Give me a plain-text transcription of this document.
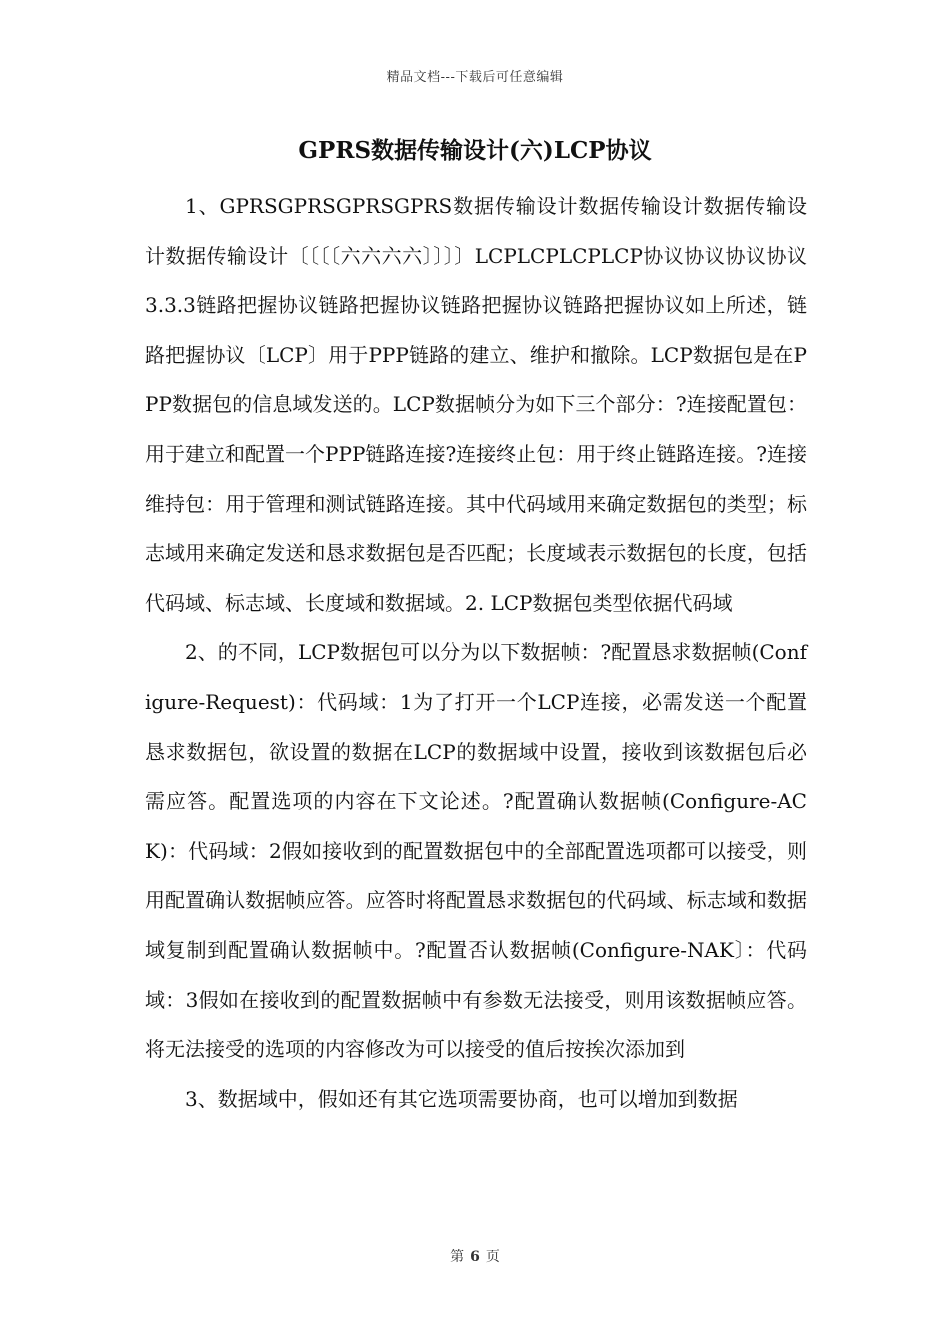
精品文档---下载后可任意编辑
GPRS数据传输设计(六)LCP协议

1、GPRSGPRSGPRSGPRS数据传输设计数据传输设计数据传输设计数据传输设计〔〔〔〔六六六六〕〕〕〕LCPLCPLCPLCP协议协议协议协议3.3.3链路把握协议链路把握协议链路把握协议链路把握协议如上所述，链路把握协议〔LCP〕用于PPP链路的建立、维护和撤除。LCP数据包是在PPP数据包的信息域发送的。LCP数据帧分为如下三个部分：?连接配置包：用于建立和配置一个PPP链路连接?连接终止包：用于终止链路连接。?连接维持包：用于管理和测试链路连接。其中代码域用来确定数据包的类型；标志域用来确定发送和恳求数据包是否匹配；长度域表示数据包的长度，包括代码域、标志域、长度域和数据域。2. LCP数据包类型依据代码域

2、的不同，LCP数据包可以分为以下数据帧：?配置恳求数据帧(Configure-Request)：代码域：1为了打开一个LCP连接，必需发送一个配置恳求数据包，欲设置的数据在LCP的数据域中设置，接收到该数据包后必需应答。配置选项的内容在下文论述。?配置确认数据帧(Configure-ACK)：代码域：2假如接收到的配置数据包中的全部配置选项都可以接受，则用配置确认数据帧应答。应答时将配置恳求数据包的代码域、标志域和数据域复制到配置确认数据帧中。?配置否认数据帧(Configure-NAK〕：代码域：3假如在接收到的配置数据帧中有参数无法接受，则用该数据帧应答。将无法接受的选项的内容修改为可以接受的值后按挨次添加到

3、数据域中，假如还有其它选项需要协商，也可以增加到数据

第 6 页
